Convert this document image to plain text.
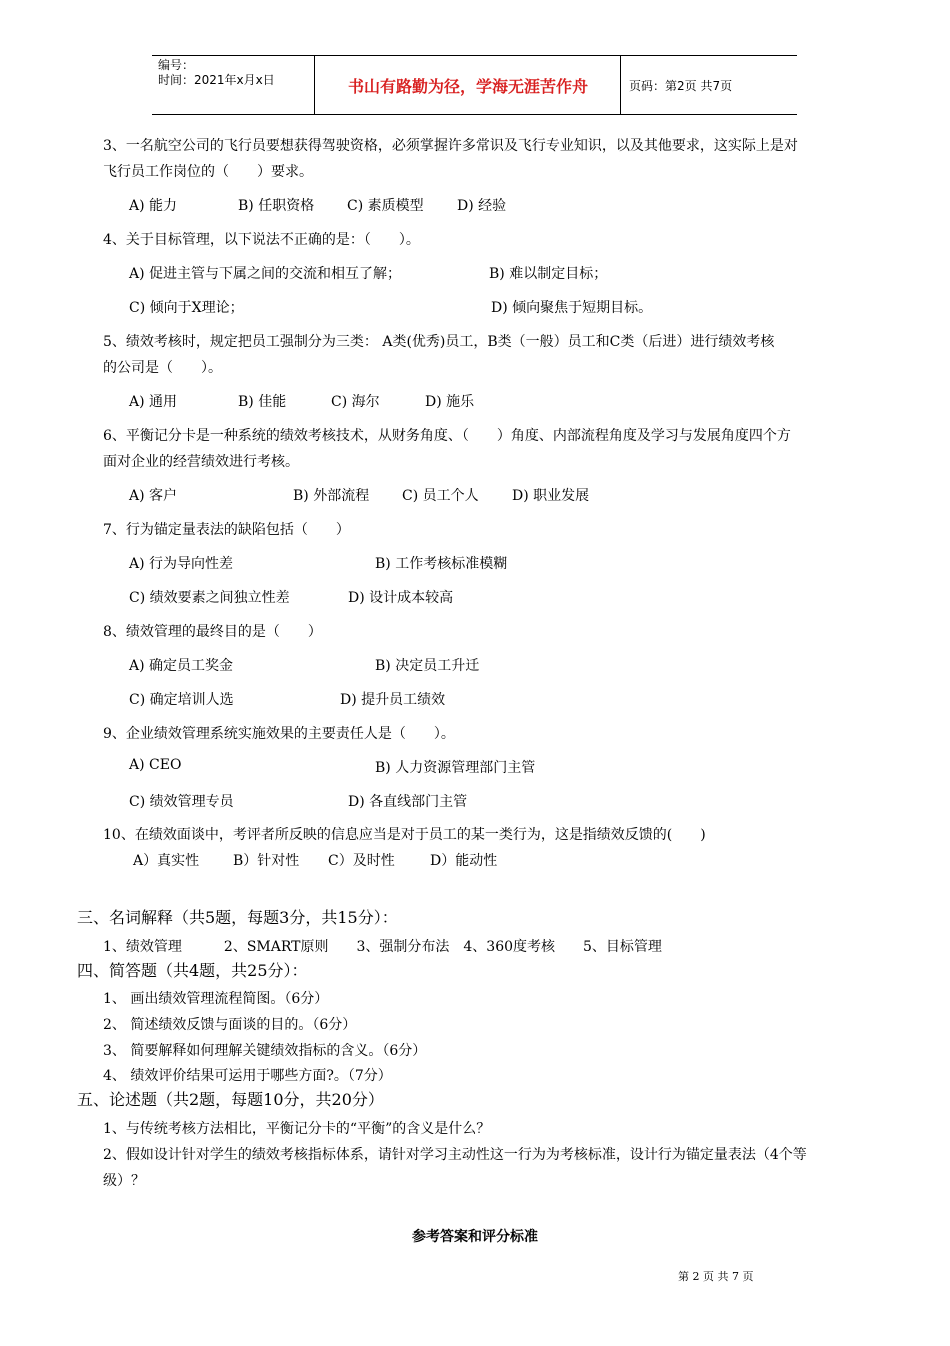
编号：
时间：2021年x月x日	书山有路勤为径，学海无涯苦作舟	页码：第2页 共7页
3、一名航空公司的飞行员要想获得驾驶资格，必须掌握许多常识及飞行专业知识，以及其他要求，这实际上是对
飞行员工作岗位的（　　）要求。
A) 能力	B) 任职资格 C) 素质模型 D) 经验
4、关于目标管理，以下说法不正确的是：（　　）。
A) 促进主管与下属之间的交流和相互了解；	B) 难以制定目标；
C) 倾向于X理论；	D) 倾向聚焦于短期目标。
5、绩效考核时，规定把员工强制分为三类： A类(优秀)员工，B类（一般）员工和C类（后进）进行绩效考核
的公司是（　　）。
A) 通用	B) 佳能	C) 海尔	D) 施乐
6、平衡记分卡是一种系统的绩效考核技术，从财务角度、（　　）角度、内部流程角度及学习与发展角度四个方
面对企业的经营绩效进行考核。
A) 客户	B) 外部流程 C) 员工个人 D) 职业发展
7、行为锚定量表法的缺陷包括（　　）
A) 行为导向性差	B) 工作考核标准模糊
C) 绩效要素之间独立性差	D) 设计成本较高
8、绩效管理的最终目的是（　　）
A) 确定员工奖金	B) 决定员工升迁
C) 确定培训人选	D) 提升员工绩效
9、企业绩效管理系统实施效果的主要责任人是（　　）。
A) CEO	B) 人力资源管理部门主管
C) 绩效管理专员	D) 各直线部门主管
10、在绩效面谈中，考评者所反映的信息应当是对于员工的某一类行为，这是指绩效反馈的(　　)
A）真实性 B）针对性 C）及时性	D）能动性
三、名词解释（共5题，每题3分，共15分）：
1、绩效管理　　　2、SMART原则　　3、强制分布法　4、360度考核　　5、目标管理
四、简答题（共4题，共25分）：
1、 画出绩效管理流程简图。（6分）
2、 简述绩效反馈与面谈的目的。（6分）
3、 简要解释如何理解关键绩效指标的含义。（6分）
4、 绩效评价结果可运用于哪些方面?。（7分）
五、论述题（共2题，每题10分，共20分）
1、与传统考核方法相比，平衡记分卡的“平衡”的含义是什么？
2、假如设计针对学生的绩效考核指标体系，请针对学习主动性这一行为为考核标准，设计行为锚定量表法（4个等
级）？
参考答案和评分标准
第 2 页 共 7 页
